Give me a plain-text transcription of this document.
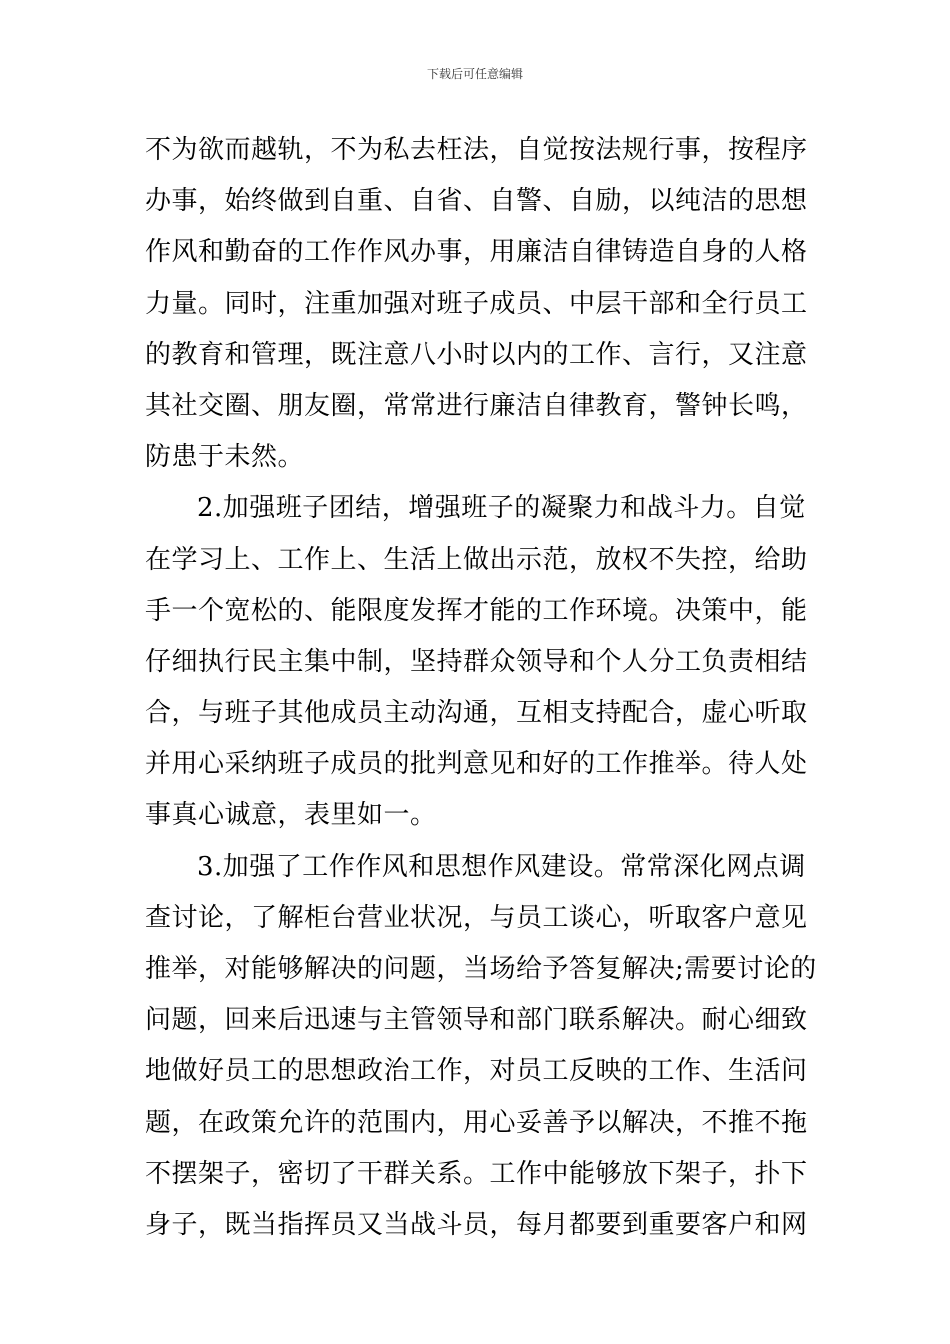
下载后可任意编辑
不为欲而越轨，不为私去枉法，自觉按法规行事，按程序
办事，始终做到自重、自省、自警、自励，以纯洁的思想
作风和勤奋的工作作风办事，用廉洁自律铸造自身的人格
力量。同时，注重加强对班子成员、中层干部和全行员工
的教育和管理，既注意八小时以内的工作、言行，又注意
其社交圈、朋友圈，常常进行廉洁自律教育，警钟长鸣，
防患于未然。
2.加强班子团结，增强班子的凝聚力和战斗力。自觉
在学习上、工作上、生活上做出示范，放权不失控，给助
手一个宽松的、能限度发挥才能的工作环境。决策中，能
仔细执行民主集中制，坚持群众领导和个人分工负责相结
合，与班子其他成员主动沟通，互相支持配合，虚心听取
并用心采纳班子成员的批判意见和好的工作推举。待人处
事真心诚意，表里如一。
3.加强了工作作风和思想作风建设。常常深化网点调
查讨论，了解柜台营业状况，与员工谈心，听取客户意见
推举，对能够解决的问题，当场给予答复解决;需要讨论的
问题，回来后迅速与主管领导和部门联系解决。耐心细致
地做好员工的思想政治工作，对员工反映的工作、生活问
题，在政策允许的范围内，用心妥善予以解决，不推不拖
不摆架子，密切了干群关系。工作中能够放下架子，扑下
身子，既当指挥员又当战斗员，每月都要到重要客户和网
